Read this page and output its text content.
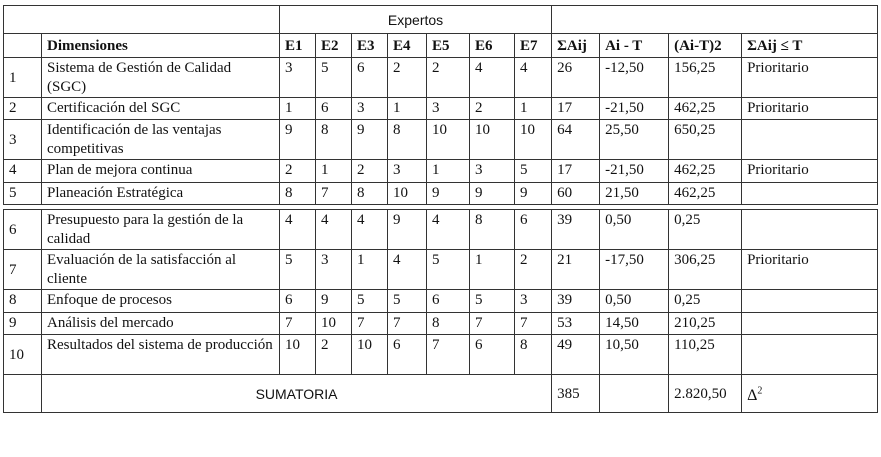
		Expertos										
	Dimensiones	E1	E2	E3	E4	E5	E6	E7	ΣAij	Ai - T	(Ai-T)2	ΣAij ≤ T
1	Sistema de Gestión de Calidad (SGC)	3	5	6	2	2	4	4	26	-12,50	156,25	Prioritario
2	Certificación del SGC	1	6	3	1	3	2	1	17	-21,50	462,25	Prioritario
3	Identificación de las ventajas competitivas	9	8	9	8	10	10	10	64	25,50	650,25	
4	Plan de mejora continua	2	1	2	3	1	3	5	17	-21,50	462,25	Prioritario
5	Planeación Estratégica	8	7	8	10	9	9	9	60	21,50	462,25	

6	Presupuesto para la gestión de la calidad	4	4	4	9	4	8	6	39	0,50	0,25	
7	Evaluación de la satisfacción al cliente	5	3	1	4	5	1	2	21	-17,50	306,25	Prioritario
8	Enfoque de procesos	6	9	5	5	6	5	3	39	0,50	0,25	
9	Análisis del mercado	7	10	7	7	8	7	7	53	14,50	210,25	
10	Resultados del sistema de producción	10	2	10	6	7	6	8	49	10,50	110,25	
	SUMATORIA								385		2.820,50	$\Delta^2$
